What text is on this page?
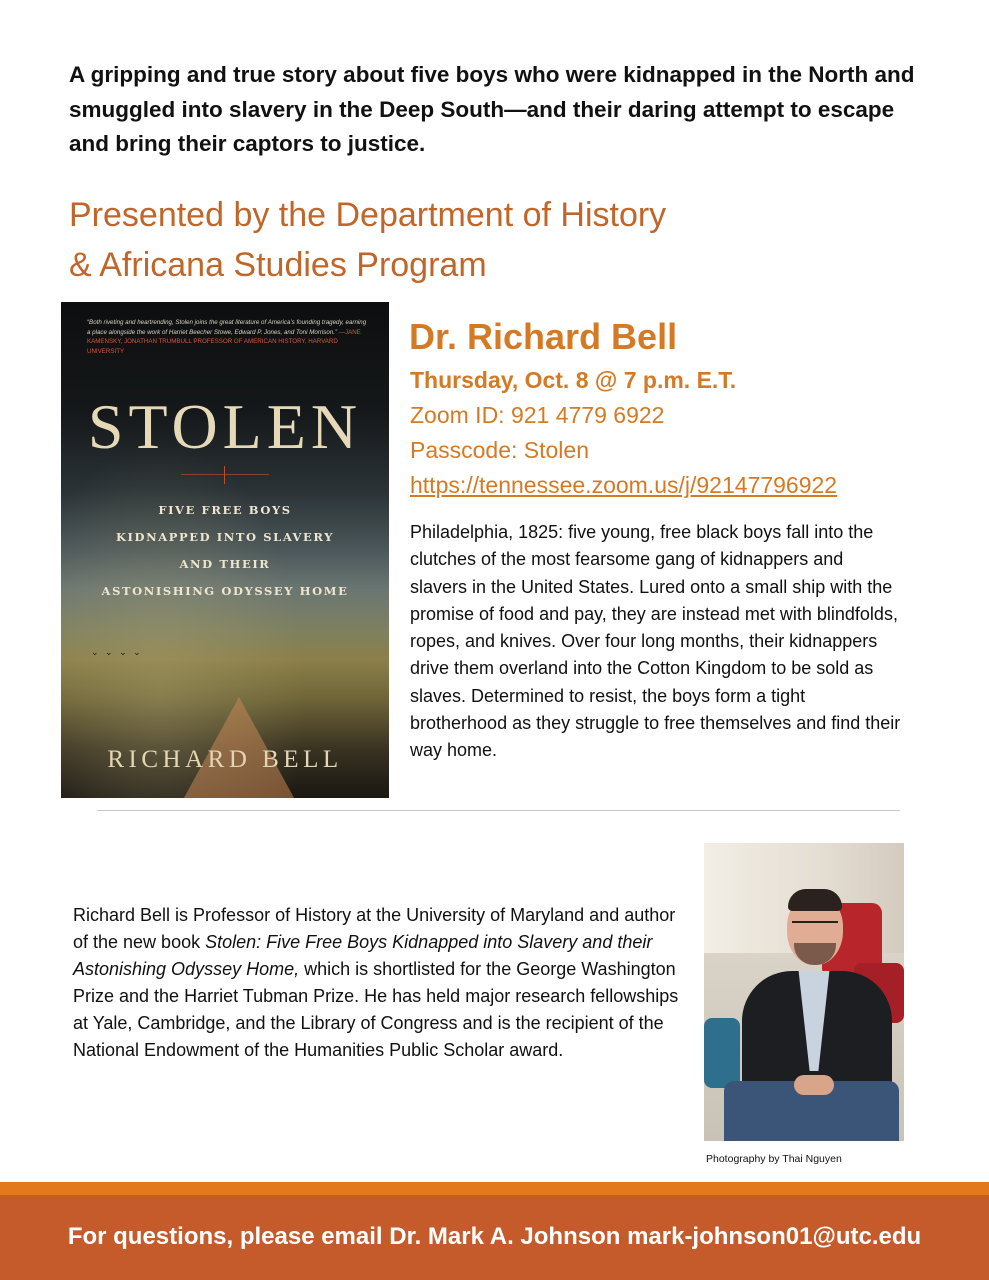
A gripping and true story about five boys who were kidnapped in the North and smuggled into slavery in the Deep South—and their daring attempt to escape and bring their captors to justice.
Presented by the Department of History
& Africana Studies Program
⌄ ⌄ ⌄ ⌄
“Both riveting and heartrending, Stolen joins the great literature of America’s founding tragedy, earning a place alongside the work of Harriet Beecher Stowe, Edward P. Jones, and Toni Morrison.” —JANE KAMENSKY, JONATHAN TRUMBULL PROFESSOR OF AMERICAN HISTORY, HARVARD UNIVERSITY
STOLEN
FIVE FREE BOYS
KIDNAPPED INTO SLAVERY
AND THEIR
ASTONISHING ODYSSEY HOME
RICHARD BELL
Dr. Richard Bell
Thursday, Oct. 8 @ 7 p.m. E.T.
Zoom ID: 921 4779 6922
Passcode: Stolen
https://tennessee.zoom.us/j/92147796922
Philadelphia, 1825: five young, free black boys fall into the clutches of the most fearsome gang of kidnappers and slavers in the United States. Lured onto a small ship with the promise of food and pay, they are instead met with blindfolds, ropes, and knives. Over four long months, their kidnappers drive them overland into the Cotton Kingdom to be sold as slaves. Determined to resist, the boys form a tight brotherhood as they struggle to free themselves and find their way home.
Richard Bell is Professor of History at the University of Maryland and author of the new book Stolen: Five Free Boys Kidnapped into Slavery and their Astonishing Odyssey Home, which is shortlisted for the George Washington Prize and the Harriet Tubman Prize. He has held major research fellowships at Yale, Cambridge, and the Library of Congress and is the recipient of the National Endowment of the Humanities Public Scholar award.
Photography by Thai Nguyen
For questions, please email Dr. Mark A. Johnson mark-johnson01@utc.edu
